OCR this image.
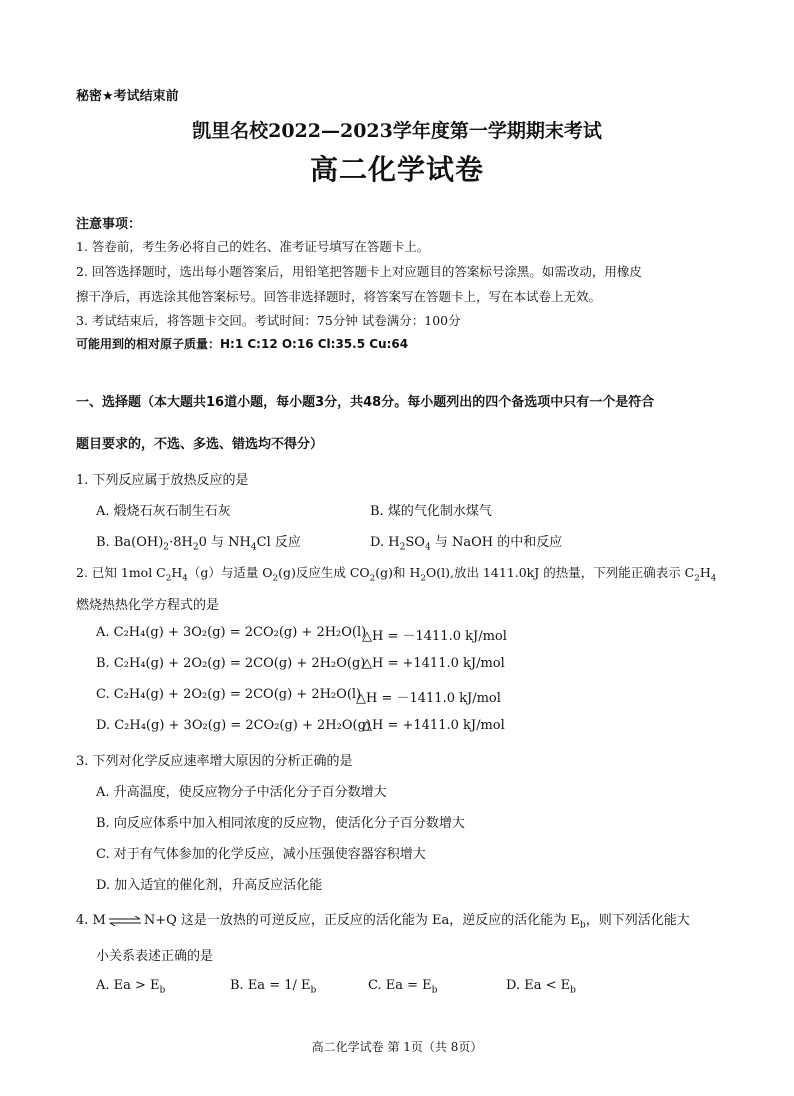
秘密★考试结束前
凯里名校2022—2023学年度第一学期期末考试
高二化学试卷
注意事项：
1. 答卷前，考生务必将自己的姓名、准考证号填写在答题卡上。
2. 回答选择题时，选出每小题答案后，用铅笔把答题卡上对应题目的答案标号涂黑。如需改动，用橡皮
擦干净后，再选涂其他答案标号。回答非选择题时，将答案写在答题卡上，写在本试卷上无效。
3. 考试结束后，将答题卡交回。考试时间：75分钟 试卷满分：100分
可能用到的相对原子质量：H:1 C:12 O:16 Cl:35.5 Cu:64
一、选择题（本大题共16道小题，每小题3分，共48分。每小题列出的四个备选项中只有一个是符合
题目要求的，不选、多选、错选均不得分）
1. 下列反应属于放热反应的是
A. 煅烧石灰石制生石灰	B. 煤的气化制水煤气
B. $Ba(OH)_2\cdot 8H_20$ 与 $NH_4Cl$ 反应	D. $H_2SO_4$ 与 NaOH 的中和反应
2. 已知 1mol $C_2H_4(g)$与适量 $O_2(g)$反应生成 $CO_2(g)$和 $H_2O(l)$,放出 1411.0kJ 的热量，下列能正确表示 $C_2H_4$
燃烧热热化学方程式的是
A. C₂H₄(g) + 3O₂(g) = 2CO₂(g) + 2H₂O(l)
△H = －1411.0 kJ/mol
B. C₂H₄(g) + 2O₂(g) = 2CO(g) + 2H₂O(g)
△H = +1411.0 kJ/mol
C. C₂H₄(g) + 2O₂(g) = 2CO(g) + 2H₂O(l)
△H = －1411.0 kJ/mol
D. C₂H₄(g) + 3O₂(g) = 2CO₂(g) + 2H₂O(g)
△H = +1411.0 kJ/mol
3. 下列对化学反应速率增大原因的分析正确的是
A. 升高温度，使反应物分子中活化分子百分数增大
B. 向反应体系中加入相同浓度的反应物，使活化分子百分数增大
C. 对于有气体参加的化学反应，减小压强使容器容积增大
D. 加入适宜的催化剂，升高反应活化能
4. M ⇌ N+Q 这是一放热的可逆反应，正反应的活化能为 Ea，逆反应的活化能为 $E_b$，则下列活化能大
小关系表述正确的是
A. $Ea > E_b$	B. Ea = 1/ $E_b$	C. $Ea = E_b$	D. $Ea < E_b$
高二化学试卷 第 1页（共 8页）
